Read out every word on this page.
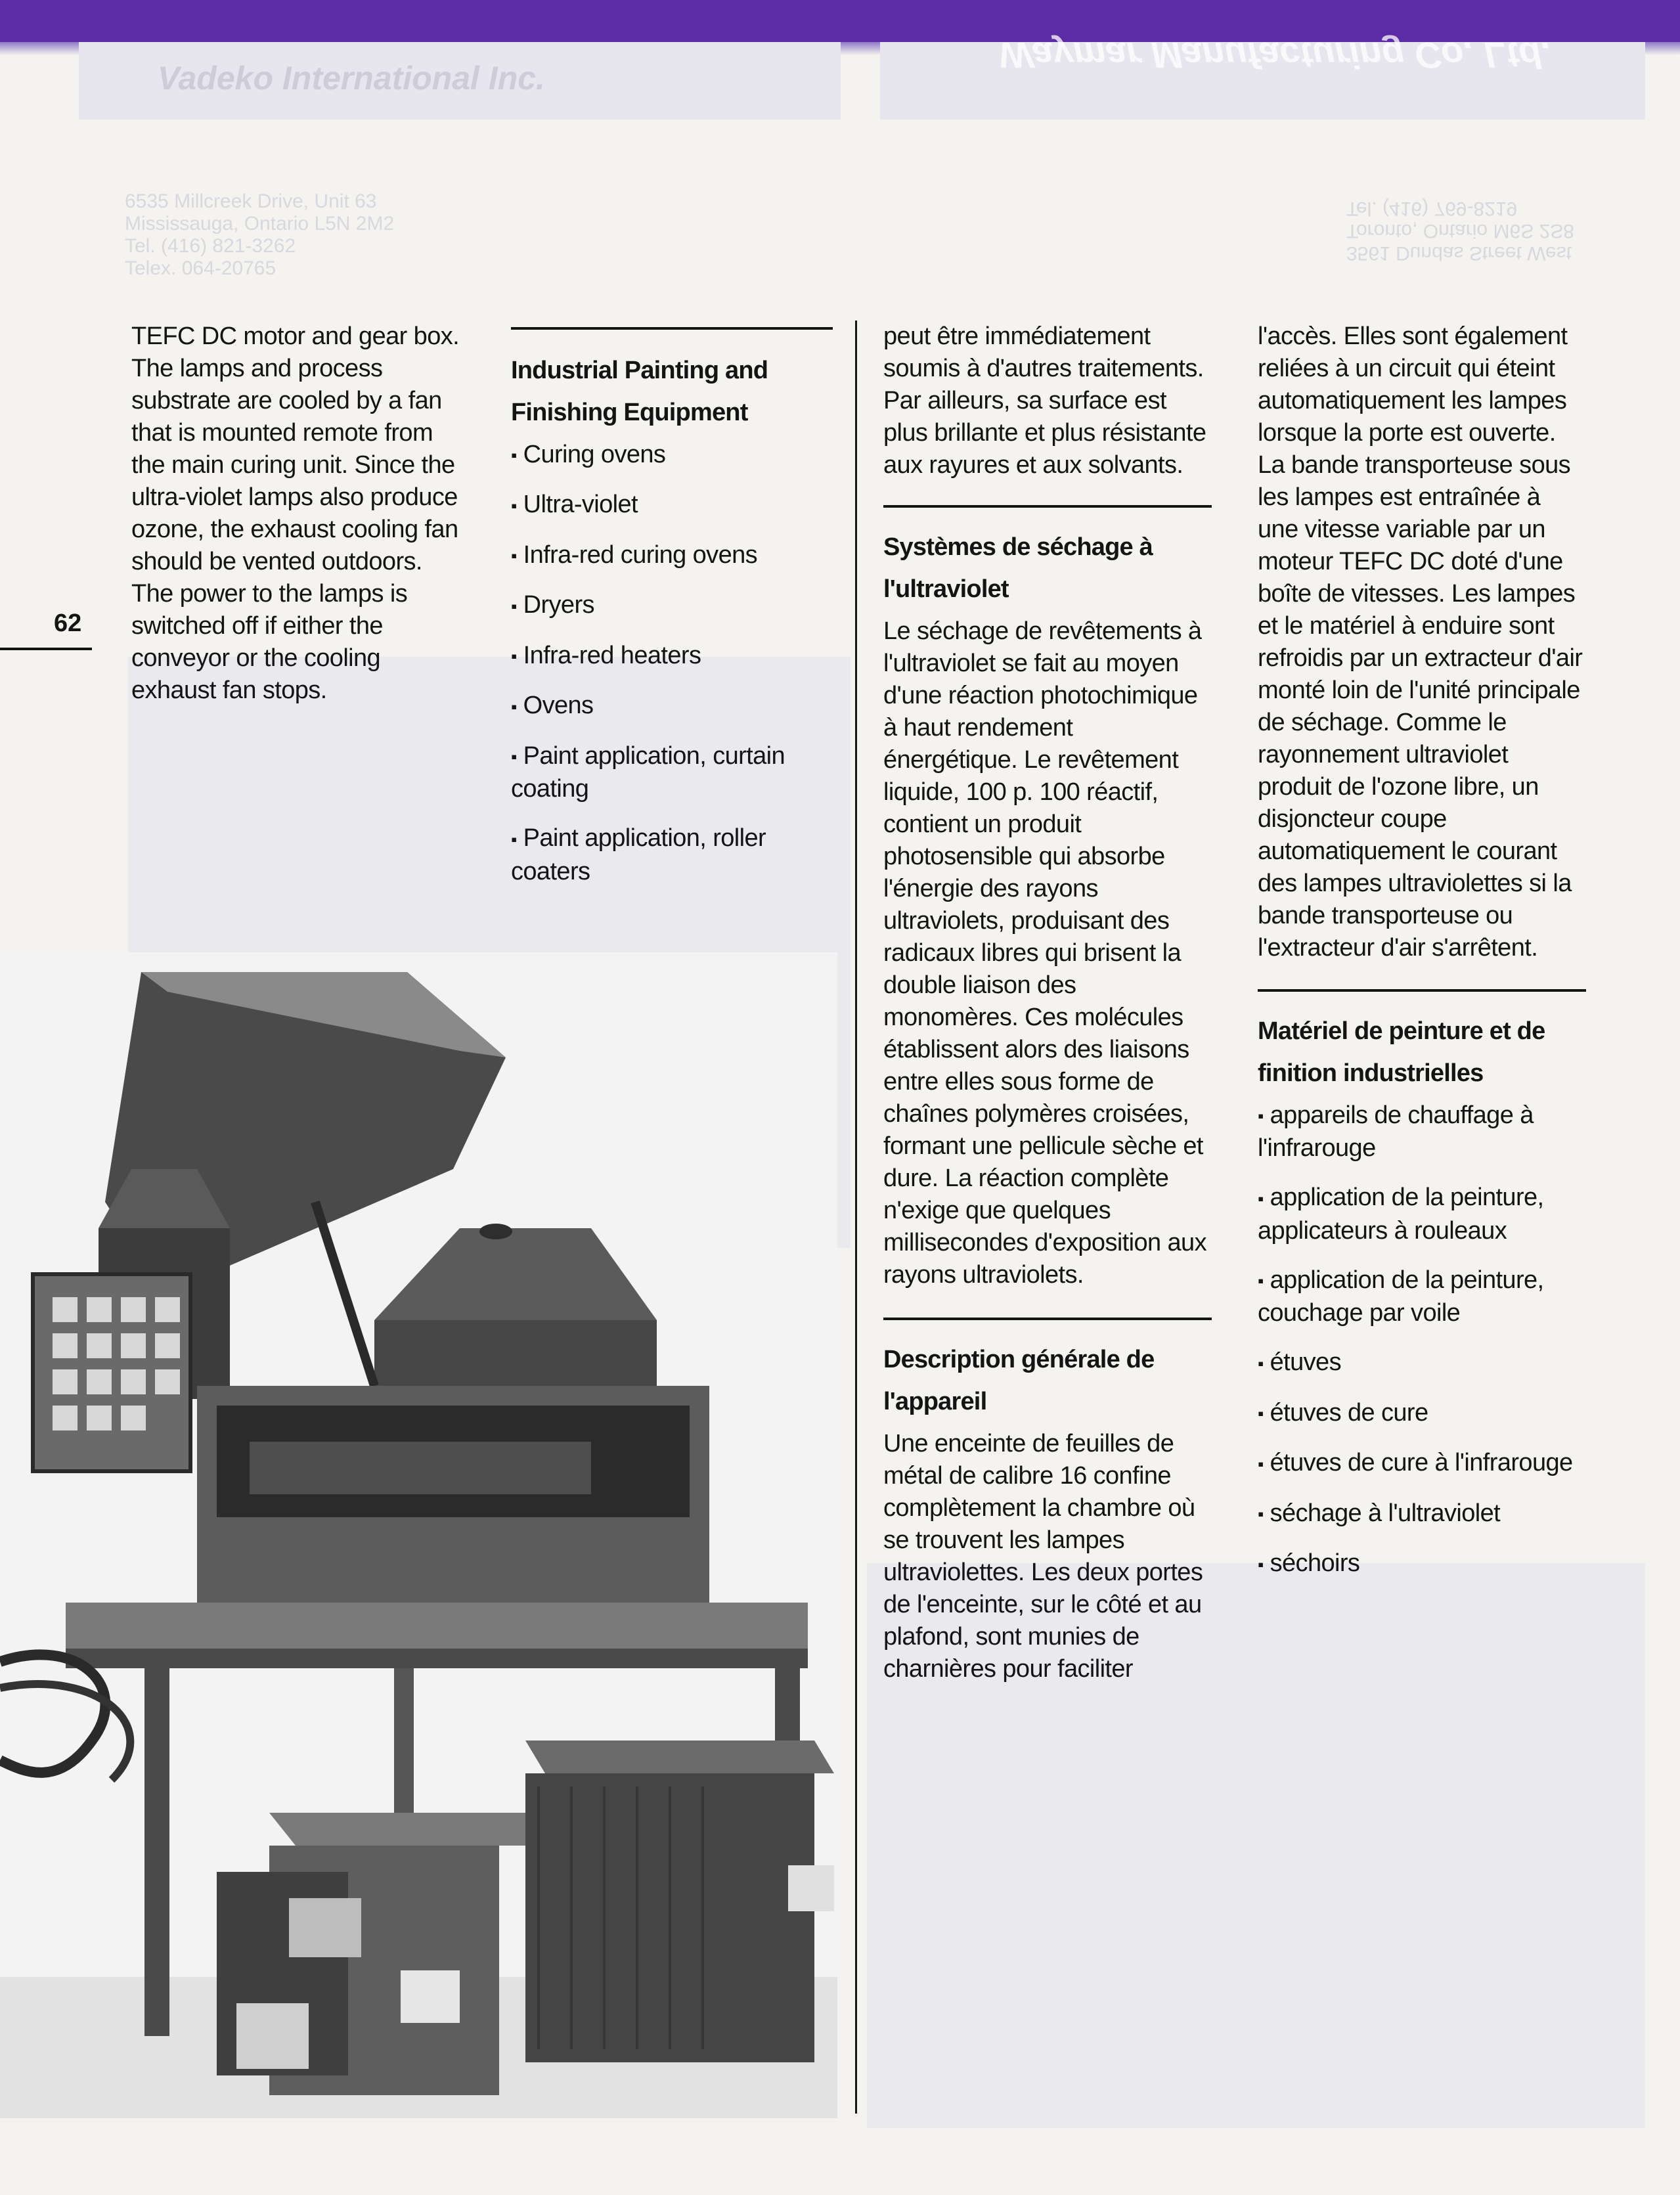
Vadeko International Inc.
Waymar Manufacturing Co. Ltd.
6535 Millcreek Drive, Unit 63
Mississauga, Ontario L5N 2M2
Tel. (416) 821-3262
Telex. 064-20765
3561 Dundas Street West
Toronto, Ontario M6S 2S8
Tel. (416) 769-8219
62

TEFC DC motor and gear box. The lamps and process substrate are cooled by a fan that is mounted remote from the main curing unit. Since the ultra-violet lamps also produce ozone, the exhaust cooling fan should be vented outdoors. The power to the lamps is switched off if either the conveyor or the cooling exhaust fan stops.

Industrial Painting and Finishing Equipment
▪ Curing ovens
▪ Ultra-violet
▪ Infra-red curing ovens
▪ Dryers
▪ Infra-red heaters
▪ Ovens
▪ Paint application, curtain coating
▪ Paint application, roller coaters

peut être immédiatement soumis à d'autres traitements. Par ailleurs, sa surface est plus brillante et plus résistante aux rayures et aux solvants.

Systèmes de séchage à l'ultraviolet

Le séchage de revêtements à l'ultraviolet se fait au moyen d'une réaction photochimique à haut rendement énergétique. Le revêtement liquide, 100 p. 100 réactif, contient un produit photosensible qui absorbe l'énergie des rayons ultraviolets, produisant des radicaux libres qui brisent la double liaison des monomères. Ces molécules établissent alors des liaisons entre elles sous forme de chaînes polymères croisées, formant une pellicule sèche et dure. La réaction complète n'exige que quelques millisecondes d'exposition aux rayons ultraviolets.

Description générale de l'appareil

Une enceinte de feuilles de métal de calibre 16 confine complètement la chambre où se trouvent les lampes ultraviolettes. Les deux portes de l'enceinte, sur le côté et au plafond, sont munies de charnières pour faciliter

l'accès. Elles sont également reliées à un circuit qui éteint automatiquement les lampes lorsque la porte est ouverte. La bande transporteuse sous les lampes est entraînée à une vitesse variable par un moteur TEFC DC doté d'une boîte de vitesses. Les lampes et le matériel à enduire sont refroidis par un extracteur d'air monté loin de l'unité principale de séchage. Comme le rayonnement ultraviolet produit de l'ozone libre, un disjoncteur coupe automatiquement le courant des lampes ultraviolettes si la bande transporteuse ou l'extracteur d'air s'arrêtent.

Matériel de peinture et de finition industrielles
▪ appareils de chauffage à l'infrarouge
▪ application de la peinture, applicateurs à rouleaux
▪ application de la peinture, couchage par voile
▪ étuves
▪ étuves de cure
▪ étuves de cure à l'infrarouge
▪ séchage à l'ultraviolet
▪ séchoirs
